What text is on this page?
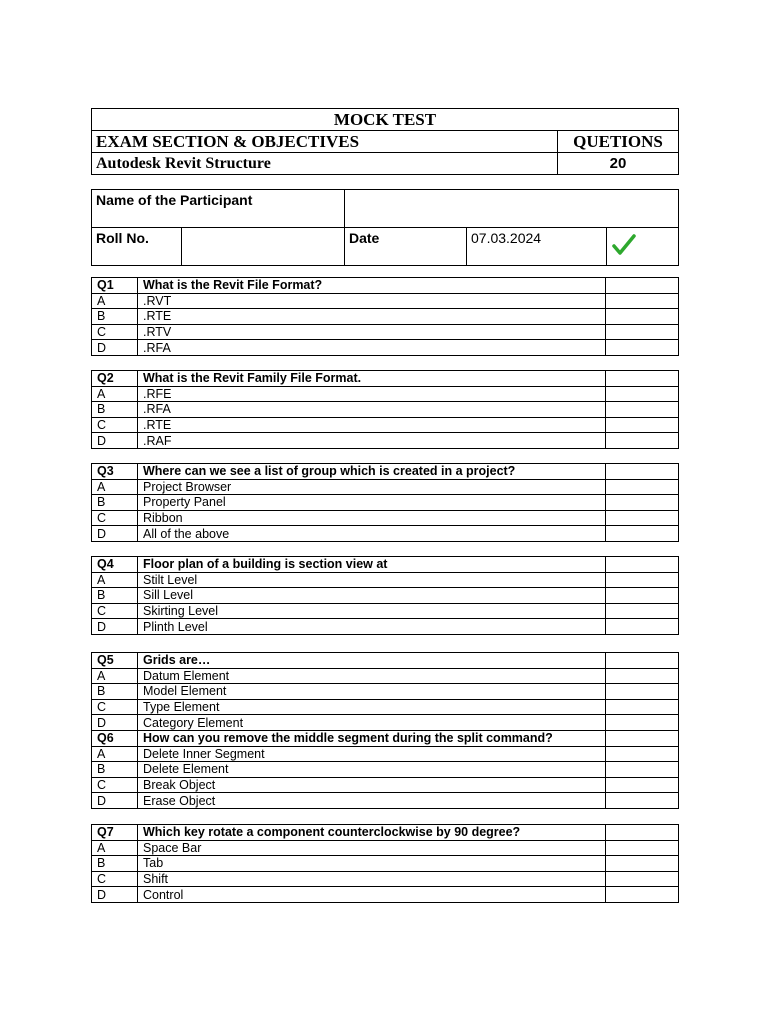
MOCK TEST	
EXAM SECTION & OBJECTIVES	QUETIONS
Autodesk Revit Structure	20
Name of the Participant				
Roll No.		Date	07.03.2024	
Q1	What is the Revit File Format?	
A	.RVT	
B	.RTE	
C	.RTV	
D	.RFA	
Q2	What is the Revit Family File Format.	
A	.RFE	
B	.RFA	
C	.RTE	
D	.RAF	
Q3	Where can we see a list of group which is created in a project?	
A	Project Browser	
B	Property Panel	
C	Ribbon	
D	All of the above	
Q4	Floor plan of a building is section view at	
A	Stilt Level	
B	Sill Level	
C	Skirting Level	
D	Plinth Level	
Q5	Grids are…	
A	Datum Element	
B	Model Element	
C	Type Element	
D	Category Element	
Q6	How can you remove the middle segment during the split command?	
A	Delete Inner Segment	
B	Delete Element	
C	Break Object	
D	Erase Object	
Q7	Which key rotate a component counterclockwise by 90 degree?	
A	Space Bar	
B	Tab	
C	Shift	
D	Control	
